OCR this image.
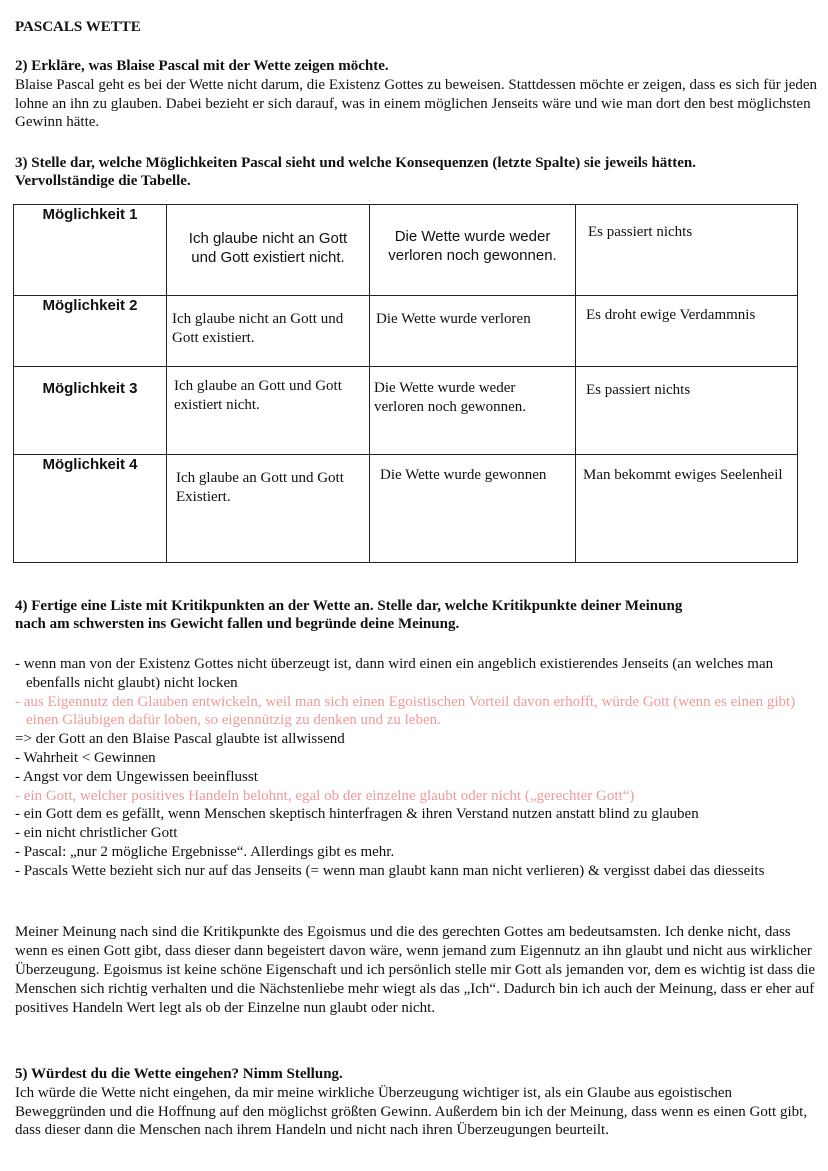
PASCALS WETTE
2) Erkläre, was Blaise Pascal mit der Wette zeigen möchte.
Blaise Pascal geht es bei der Wette nicht darum, die Existenz Gottes zu beweisen. Stattdessen möchte er zeigen, dass es sich für jeden lohne an ihn zu glauben. Dabei bezieht er sich darauf, was in einem möglichen Jenseits wäre und wie man dort den best möglichsten Gewinn hätte.
3) Stelle dar, welche Möglichkeiten Pascal sieht und welche Konsequenzen (letzte Spalte) sie jeweils hätten.
Vervollständige die Tabelle.
Möglichkeit 1	Ich glaube nicht an Gott und Gott existiert nicht.	Die Wette wurde weder verloren noch gewonnen.	Es passiert nichts
Möglichkeit 2	Ich glaube nicht an Gott und Gott existiert.	Die Wette wurde verloren	Es droht ewige Verdammnis
Möglichkeit 3	Ich glaube an Gott und Gott existiert nicht.	Die Wette wurde weder verloren noch gewonnen.	Es passiert nichts
Möglichkeit 4	Ich glaube an Gott und Gott Existiert.	Die Wette wurde gewonnen	Man bekommt ewiges Seelenheil
4) Fertige eine Liste mit Kritikpunkten an der Wette an. Stelle dar, welche Kritikpunkte deiner Meinung
nach am schwersten ins Gewicht fallen und begründe deine Meinung.
- wenn man von der Existenz Gottes nicht überzeugt ist, dann wird einen ein angeblich existierendes Jenseits (an welches man ebenfalls nicht glaubt) nicht locken
- aus Eigennutz den Glauben entwickeln, weil man sich einen Egoistischen Vorteil davon erhofft, würde Gott (wenn es einen gibt) einen Gläubigen dafür loben, so eigennützig zu denken und zu leben.
=> der Gott an den Blaise Pascal glaubte ist allwissend
- Wahrheit < Gewinnen
- Angst vor dem Ungewissen beeinflusst
- ein Gott, welcher positives Handeln belohnt, egal ob der einzelne glaubt oder nicht („gerechter Gott“)
- ein Gott dem es gefällt, wenn Menschen skeptisch hinterfragen & ihren Verstand nutzen anstatt blind zu glauben
- ein nicht christlicher Gott
- Pascal: „nur 2 mögliche Ergebnisse“. Allerdings gibt es mehr.
- Pascals Wette bezieht sich nur auf das Jenseits (= wenn man glaubt kann man nicht verlieren) & vergisst dabei das diesseits
Meiner Meinung nach sind die Kritikpunkte des Egoismus und die des gerechten Gottes am bedeutsamsten. Ich denke nicht, dass wenn es einen Gott gibt, dass dieser dann begeistert davon wäre, wenn jemand zum Eigennutz an ihn glaubt und nicht aus wirklicher Überzeugung. Egoismus ist keine schöne Eigenschaft und ich persönlich stelle mir Gott als jemanden vor, dem es wichtig ist dass die Menschen sich richtig verhalten und die Nächstenliebe mehr wiegt als das „Ich“. Dadurch bin ich auch der Meinung, dass er eher auf positives Handeln Wert legt als ob der Einzelne nun glaubt oder nicht.
5) Würdest du die Wette eingehen? Nimm Stellung.
Ich würde die Wette nicht eingehen, da mir meine wirkliche Überzeugung wichtiger ist, als ein Glaube aus egoistischen Beweggründen und die Hoffnung auf den möglichst größten Gewinn. Außerdem bin ich der Meinung, dass wenn es einen Gott gibt, dass dieser dann die Menschen nach ihrem Handeln und nicht nach ihren Überzeugungen beurteilt.
